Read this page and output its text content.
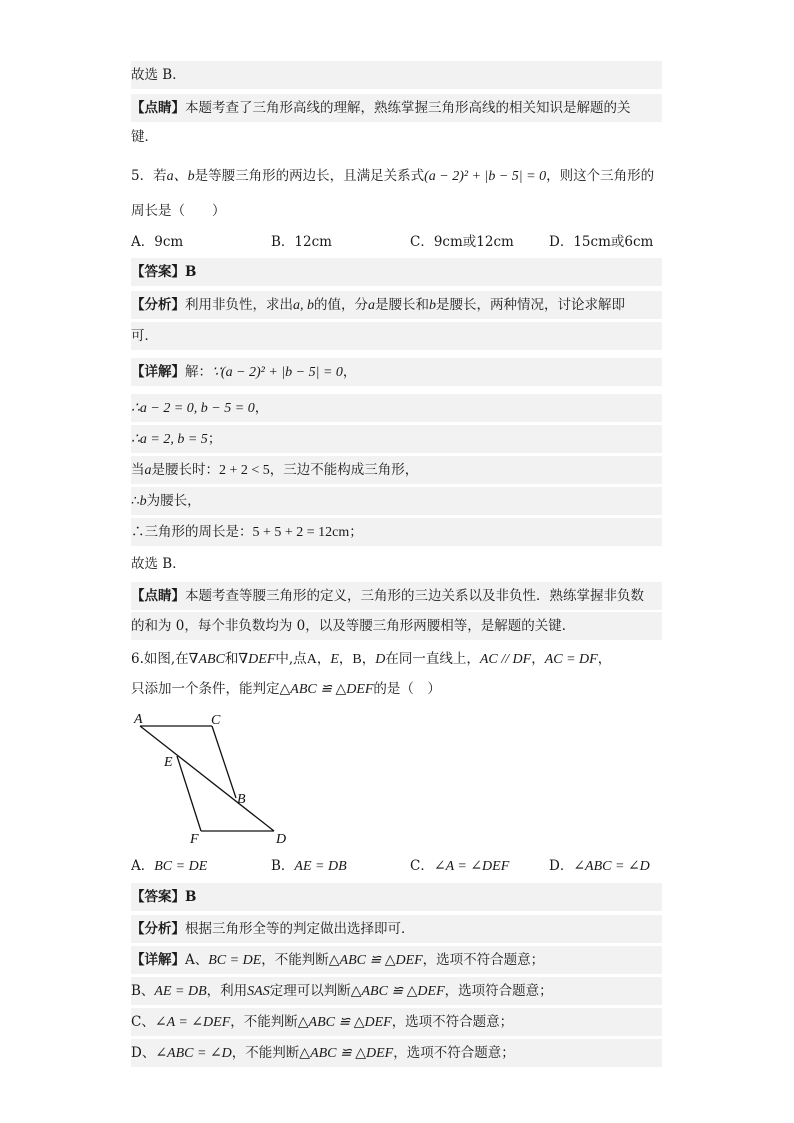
故选 B．
【点睛】本题考查了三角形高线的理解，熟练掌握三角形高线的相关知识是解题的关
键．
5．若a、b是等腰三角形的两边长，且满足关系式(a − 2)² + |b − 5| = 0，则这个三角形的
周长是（　　）
A．9cm	B．12cm	C．9cm或12cm	D．15cm或6cm
【答案】B
【分析】利用非负性，求出a, b的值，分a是腰长和b是腰长，两种情况，讨论求解即
可．
【详解】解：∵(a − 2)² + |b − 5| = 0，
∴a − 2 = 0, b − 5 = 0，
∴a = 2, b = 5；
当a是腰长时：2 + 2 < 5，三边不能构成三角形，
∴b为腰长，
∴三角形的周长是：5 + 5 + 2 = 12cm；
故选 B．
【点睛】本题考查等腰三角形的定义，三角形的三边关系以及非负性．熟练掌握非负数
的和为 0，每个非负数均为 0，以及等腰三角形两腰相等，是解题的关键．
6.如图,在∇ABC和∇DEF中,点A，E，B，D在同一直线上，AC // DF，AC = DF，
只添加一个条件，能判定△ABC ≌ △DEF的是（　）
A	C
E
B
F	D
A．BC = DE	B．AE = DB	C．∠A = ∠DEF	D．∠ABC = ∠D
【答案】B
【分析】根据三角形全等的判定做出选择即可．
【详解】A、BC = DE，不能判断△ABC ≌ △DEF，选项不符合题意；
B、AE = DB，利用SAS定理可以判断△ABC ≌ △DEF，选项符合题意；
C、∠A = ∠DEF，不能判断△ABC ≌ △DEF，选项不符合题意；
D、∠ABC = ∠D，不能判断△ABC ≌ △DEF，选项不符合题意；
